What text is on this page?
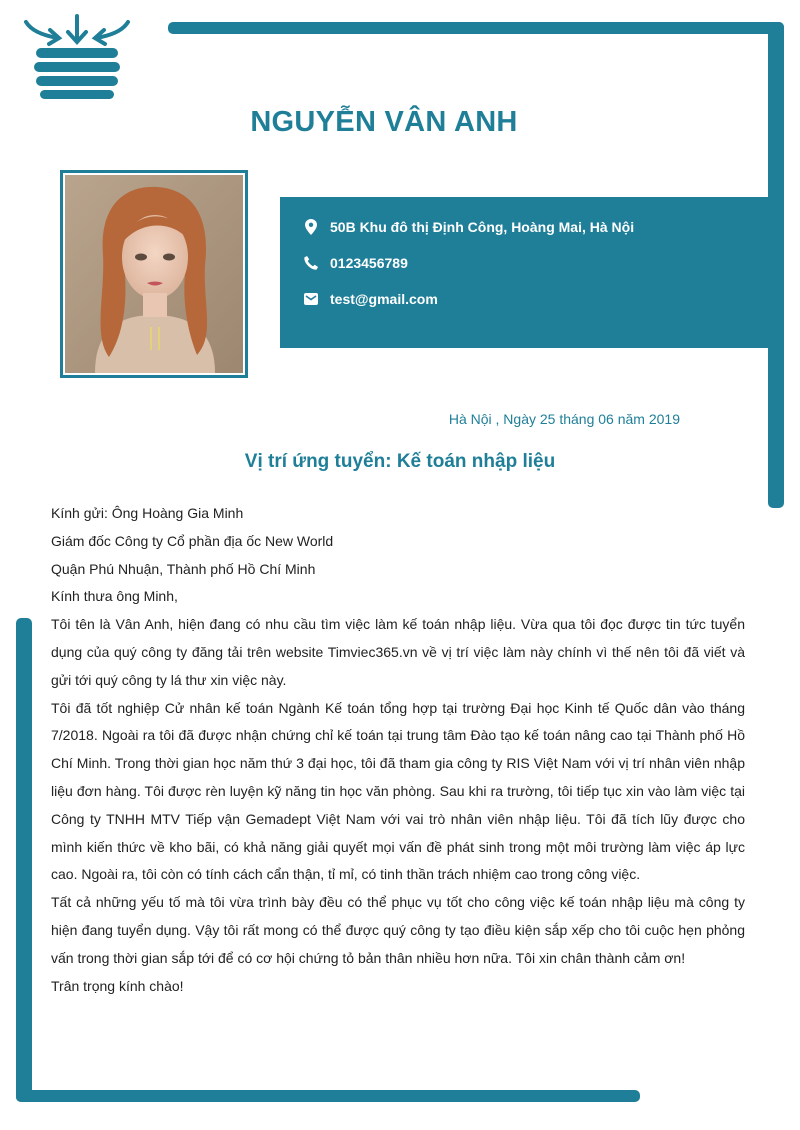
NGUYỄN VÂN ANH
50B Khu đô thị Định Công, Hoàng Mai, Hà Nội
0123456789
test@gmail.com
Hà Nội , Ngày 25 tháng 06 năm 2019
Vị trí ứng tuyển: Kế toán nhập liệu

Kính gửi: Ông Hoàng Gia Minh

Giám đốc Công ty Cổ phần địa ốc New World

Quận Phú Nhuận, Thành phố Hồ Chí Minh

Kính thưa ông Minh,

Tôi tên là Vân Anh, hiện đang có nhu cầu tìm việc làm kế toán nhập liệu. Vừa qua tôi đọc được tin tức tuyển dụng của quý công ty đăng tải trên website Timviec365.vn về vị trí việc làm này chính vì thế nên tôi đã viết và gửi tới quý công ty lá thư xin việc này.

Tôi đã tốt nghiệp Cử nhân kế toán Ngành Kế toán tổng hợp tại trường Đại học Kinh tế Quốc dân vào tháng 7/2018. Ngoài ra tôi đã được nhận chứng chỉ kế toán tại trung tâm Đào tạo kế toán nâng cao tại Thành phố Hồ Chí Minh. Trong thời gian học năm thứ 3 đại học, tôi đã tham gia công ty RIS Việt Nam với vị trí nhân viên nhập liệu đơn hàng. Tôi được rèn luyện kỹ năng tin học văn phòng. Sau khi ra trường, tôi tiếp tục xin vào làm việc tại Công ty TNHH MTV Tiếp vận Gemadept Việt Nam với vai trò nhân viên nhập liệu. Tôi đã tích lũy được cho mình kiến thức về kho bãi, có khả năng giải quyết mọi vấn đề phát sinh trong một môi trường làm việc áp lực cao. Ngoài ra, tôi còn có tính cách cẩn thận, tỉ mỉ, có tinh thần trách nhiệm cao trong công việc.

Tất cả những yếu tố mà tôi vừa trình bày đều có thể phục vụ tốt cho công việc kế toán nhập liệu mà công ty hiện đang tuyển dụng. Vậy tôi rất mong có thể được quý công ty tạo điều kiện sắp xếp cho tôi cuộc hẹn phỏng vấn trong thời gian sắp tới để có cơ hội chứng tỏ bản thân nhiều hơn nữa. Tôi xin chân thành cảm ơn!

Trân trọng kính chào!
